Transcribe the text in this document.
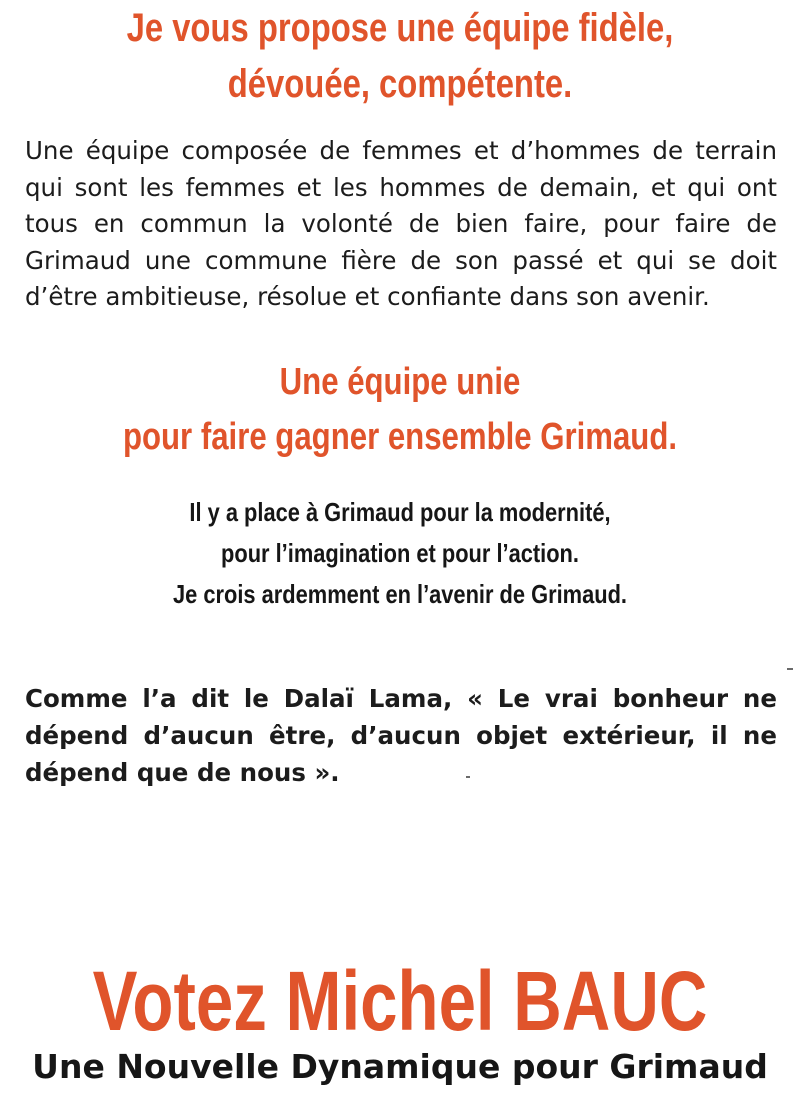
Je vous propose une équipe fidèle,
dévouée, compétente.

Une équipe composée de femmes et d’hommes de terrain qui sont les femmes et les hommes de demain, et qui ont tous en commun la volonté de bien faire, pour faire de Grimaud une commune fière de son passé et qui se doit d’être ambitieuse, résolue et confiante dans son avenir.

Une équipe unie
pour faire gagner ensemble Grimaud.
Il y a place à Grimaud pour la modernité,
pour l’imagination et pour l’action.
Je crois ardemment en l’avenir de Grimaud.

Comme l’a dit le Dalaï Lama, « Le vrai bonheur ne dépend d’aucun être, d’aucun objet extérieur, il ne dépend que de nous ».

Votez Michel BAUC

Une Nouvelle Dynamique pour Grimaud
